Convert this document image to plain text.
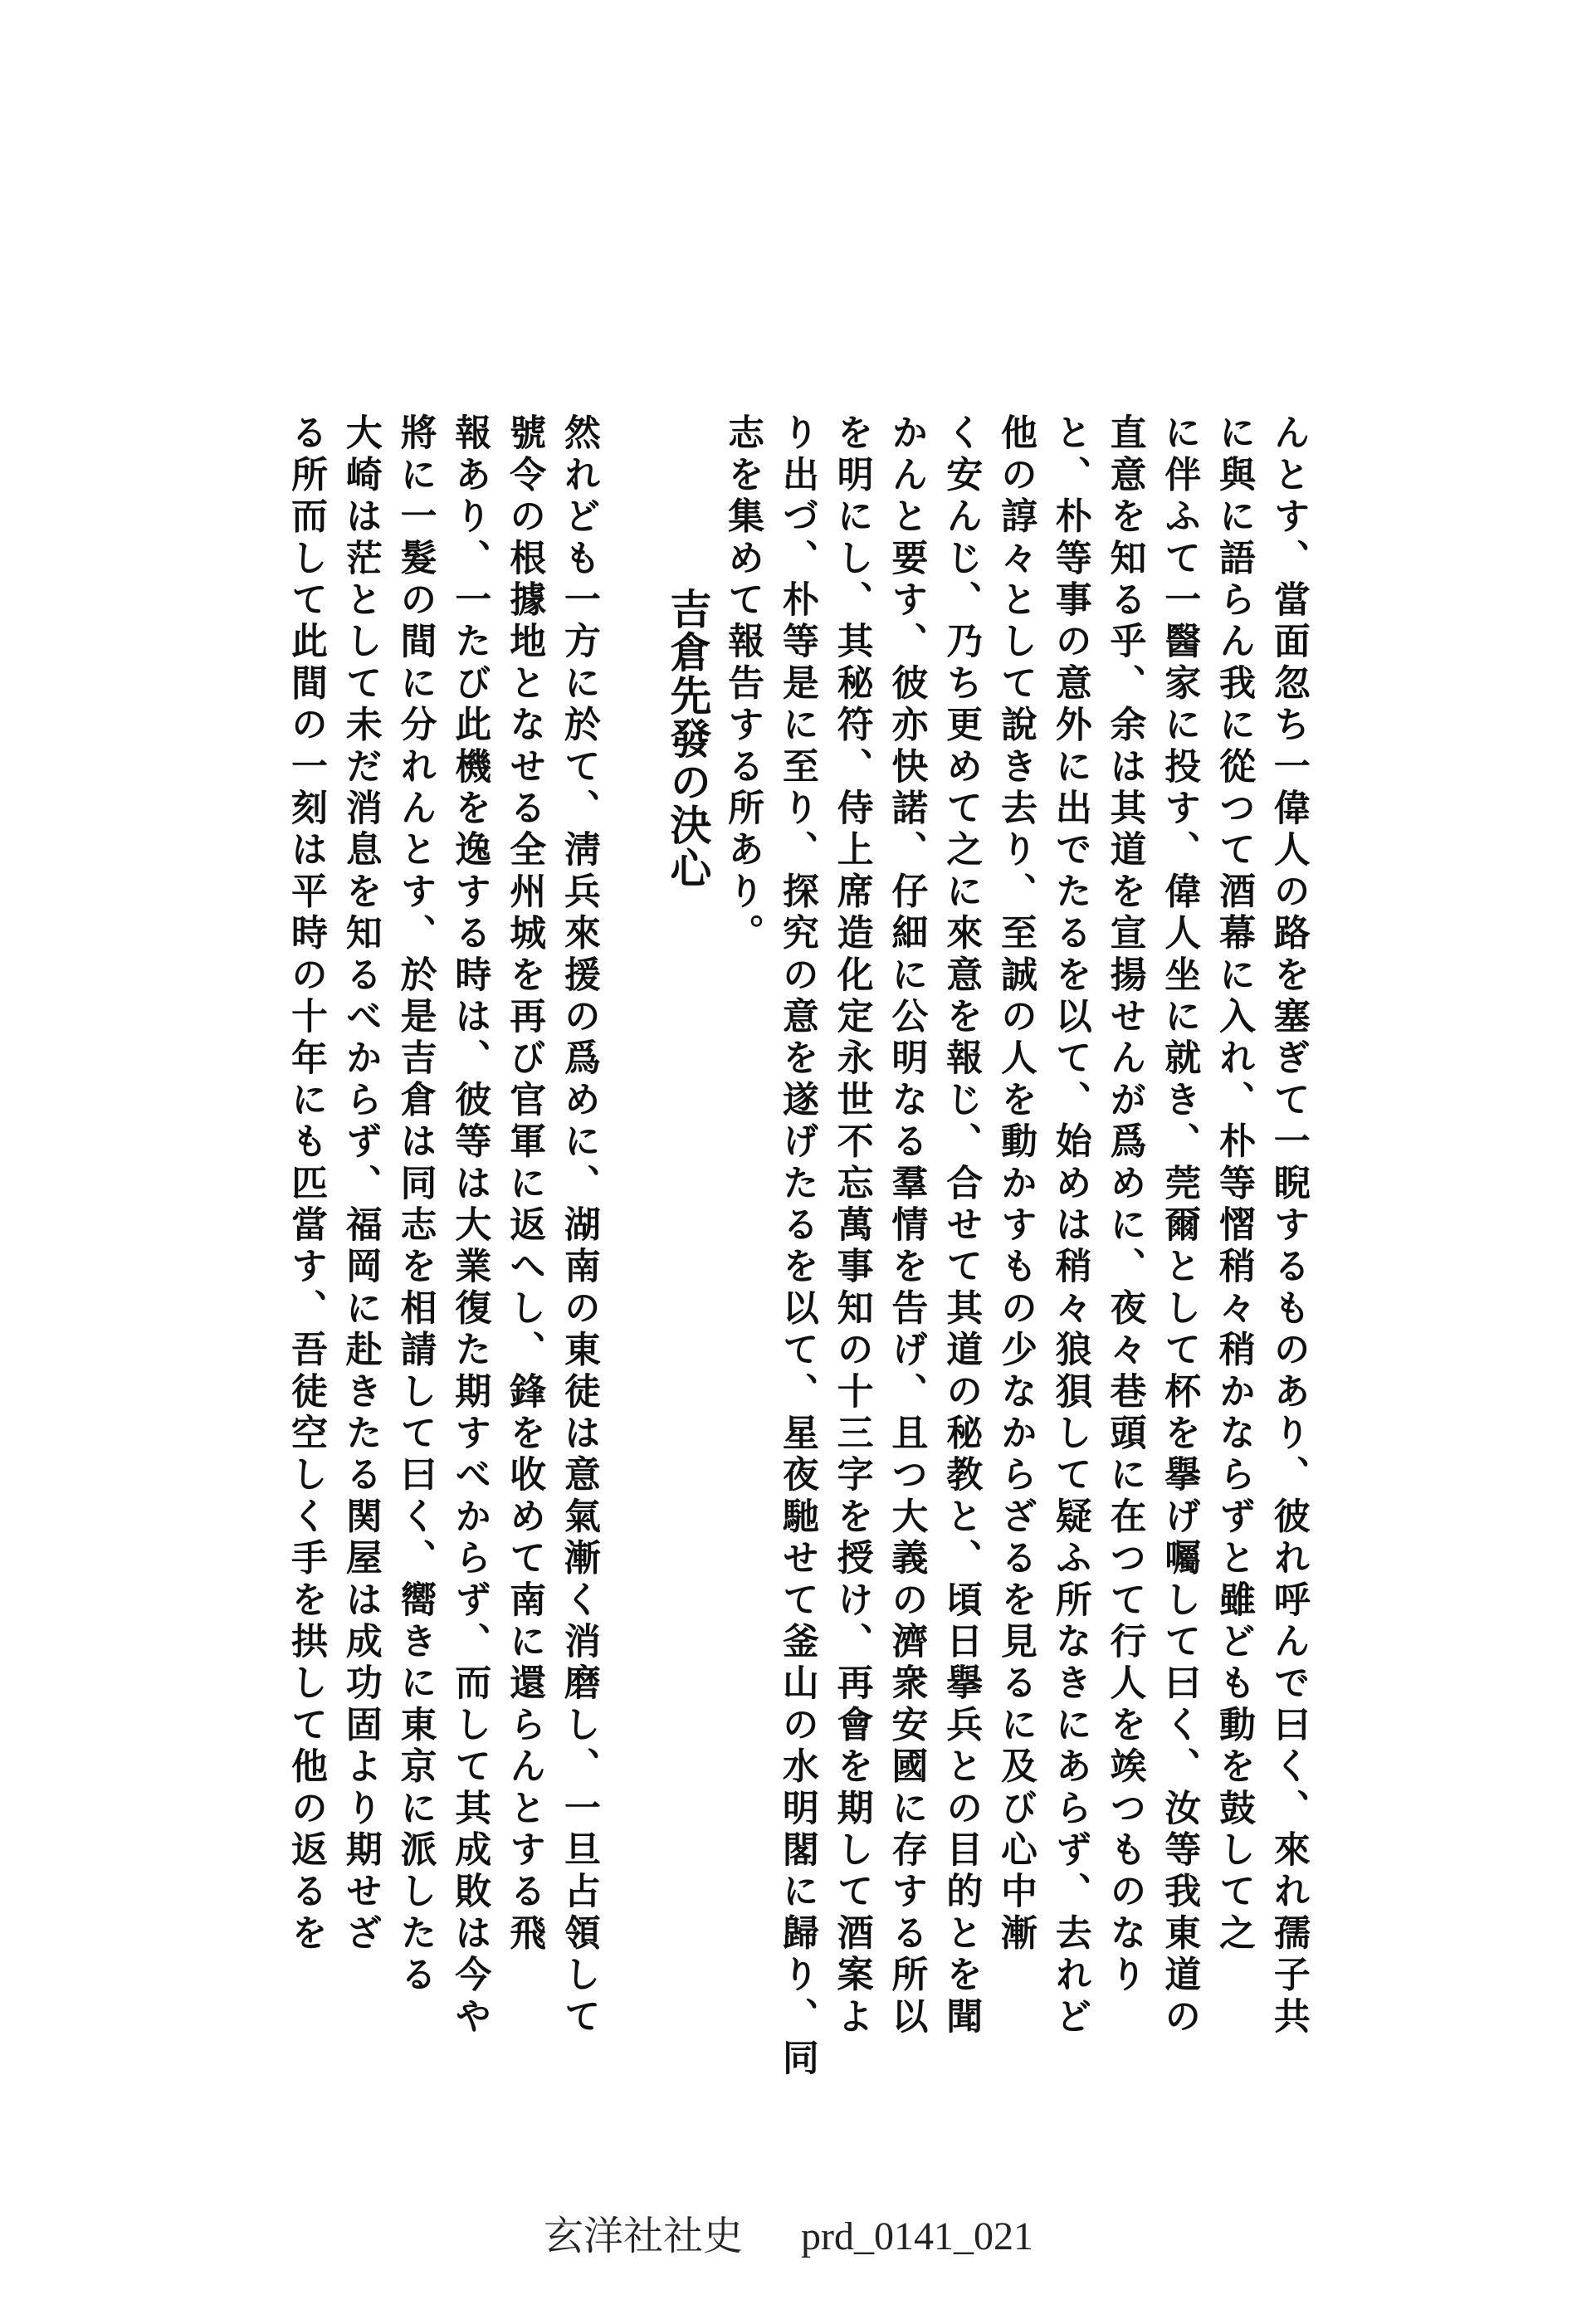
んとす、當面忽ち一偉人の路を塞ぎて一睨するものあり、彼れ呼んで曰く、來れ孺子共
に與に語らん我に從つて酒幕に入れ、朴等慴稍々稍かならずと雖ども動を鼓して之
に伴ふて一醫家に投す、偉人坐に就き、莞爾として杯を擧げ囑して曰く、汝等我東道の
直意を知る乎、余は其道を宣揚せんが爲めに、夜々巷頭に在つて行人を竢つものなり
と、朴等事の意外に出でたるを以て、始めは稍々狼狽して疑ふ所なきにあらず、去れど
他の諄々として說き去り、至誠の人を動かすもの少なからざるを見るに及び心中漸
く安んじ、乃ち更めて之に來意を報じ、合せて其道の秘教と、頃日擧兵との目的とを聞
かんと要す、彼亦快諾、仔細に公明なる羣情を告げ、且つ大義の濟衆安國に存する所以
を明にし、其秘符、侍上席造化定永世不忘萬事知の十三字を授け、再會を期して酒案よ
り出づ、朴等是に至り、探究の意を遂げたるを以て、星夜馳せて釜山の水明閣に歸り、同
志を集めて報告する所あり。
吉倉先發の決心
然れども一方に於て、淸兵來援の爲めに、湖南の東徒は意氣漸く消磨し、一旦占領して
號令の根據地となせる全州城を再び官軍に返へし、鋒を收めて南に還らんとする飛
報あり、一たび此機を逸する時は、彼等は大業復た期すべからず、而して其成敗は今や
將に一髮の間に分れんとす、於是吉倉は同志を相請して曰く、嚮きに東京に派したる
大崎は茫として未だ消息を知るべからず、福岡に赴きたる関屋は成功固より期せざ
る所而して此間の一刻は平時の十年にも匹當す、吾徒空しく手を拱して他の返るを
玄洋社社史 prd_0141_021
